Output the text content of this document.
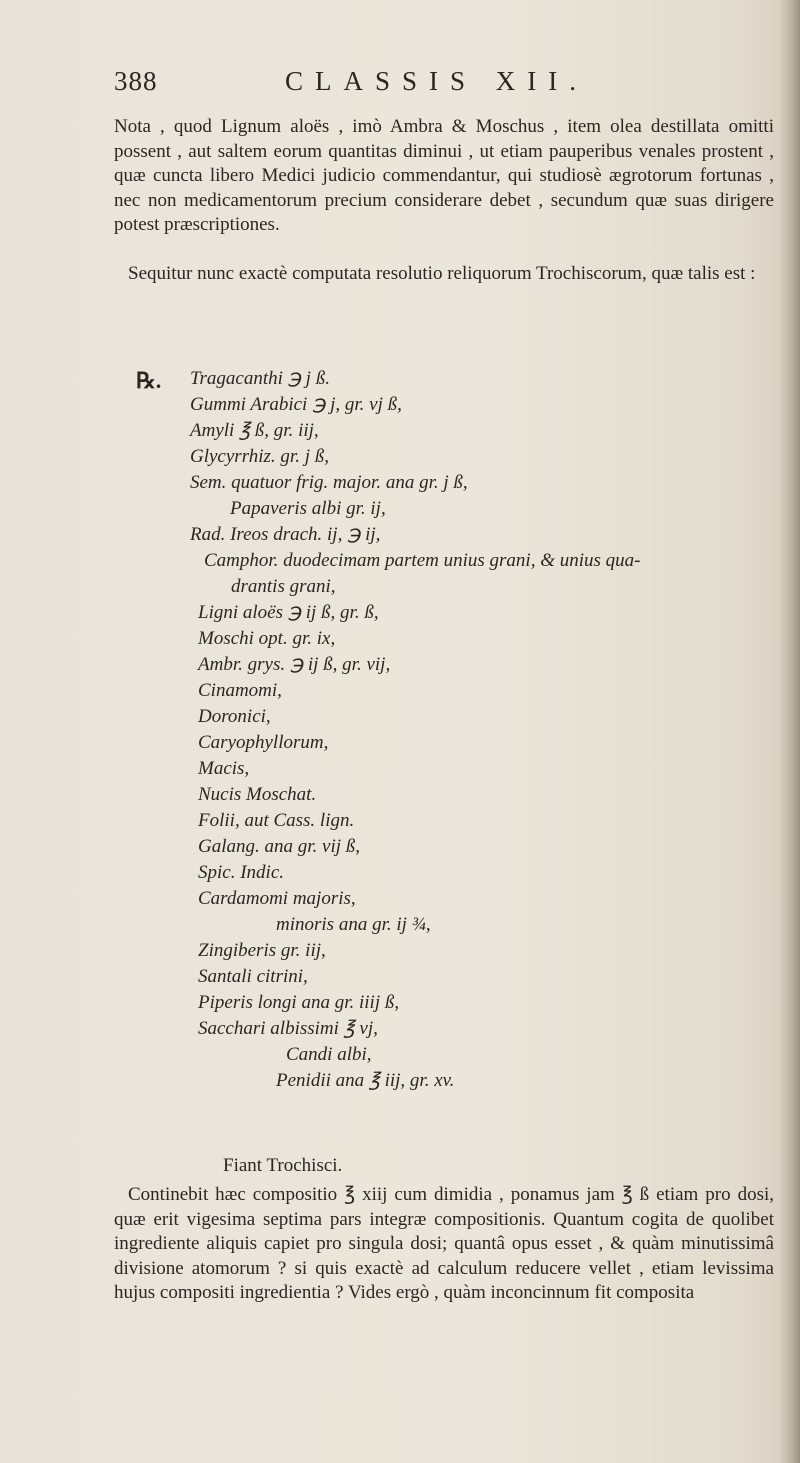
388	CLASSIS XII.

Nota , quod Lignum aloës , imò Ambra & Moschus , item olea destillata omitti possent , aut saltem eorum quantitas diminui , ut etiam pauperibus venales prostent , quæ cuncta libero Medici judicio commendantur, qui studiosè ægrotorum fortunas , nec non medicamentorum precium considerare debet , secundum quæ suas dirigere potest præscriptiones.

Sequitur nunc exactè computata resolutio reliquorum Trochiscorum, quæ talis est :

℞. Tragacanthi ℈ j ß.
Gummi Arabici ℈ j, gr. vj ß,
Amyli ℥ ß, gr. iij,
Glycyrrhiz. gr. j ß,
Sem. quatuor frig. major. ana gr. j ß,
Papaveris albi gr. ij,
Rad. Ireos drach. ij, ℈ ij,
Camphor. duodecimam partem unius grani, & unius qua-
drantis grani,
Ligni aloës ℈ ij ß, gr. ß,
Moschi opt. gr. ix,
Ambr. grys. ℈ ij ß, gr. vij,
Cinamomi,
Doronici,
Caryophyllorum,
Macis,
Nucis Moschat.
Folii, aut Cass. lign.
Galang. ana gr. vij ß,
Spic. Indic.
Cardamomi majoris,
minoris ana gr. ij ¾,
Zingiberis gr. iij,
Santali citrini,
Piperis longi ana gr. iiij ß,
Sacchari albissimi ℥ vj,
Candi albi,
Penidii ana ℥ iij, gr. xv.
Fiant Trochisci.

Continebit hæc compositio ℥ xiij cum dimidia , ponamus jam ℥ ß etiam pro dosi, quæ erit vigesima septima pars integræ compositionis. Quantum cogita de quolibet ingrediente aliquis capiet pro singula dosi; quantâ opus esset , & quàm minutissimâ divisione atomorum ? si quis exactè ad calculum reducere vellet , etiam levissima hujus compositi ingredientia ? Vides ergò , quàm inconcinnum fit composita
